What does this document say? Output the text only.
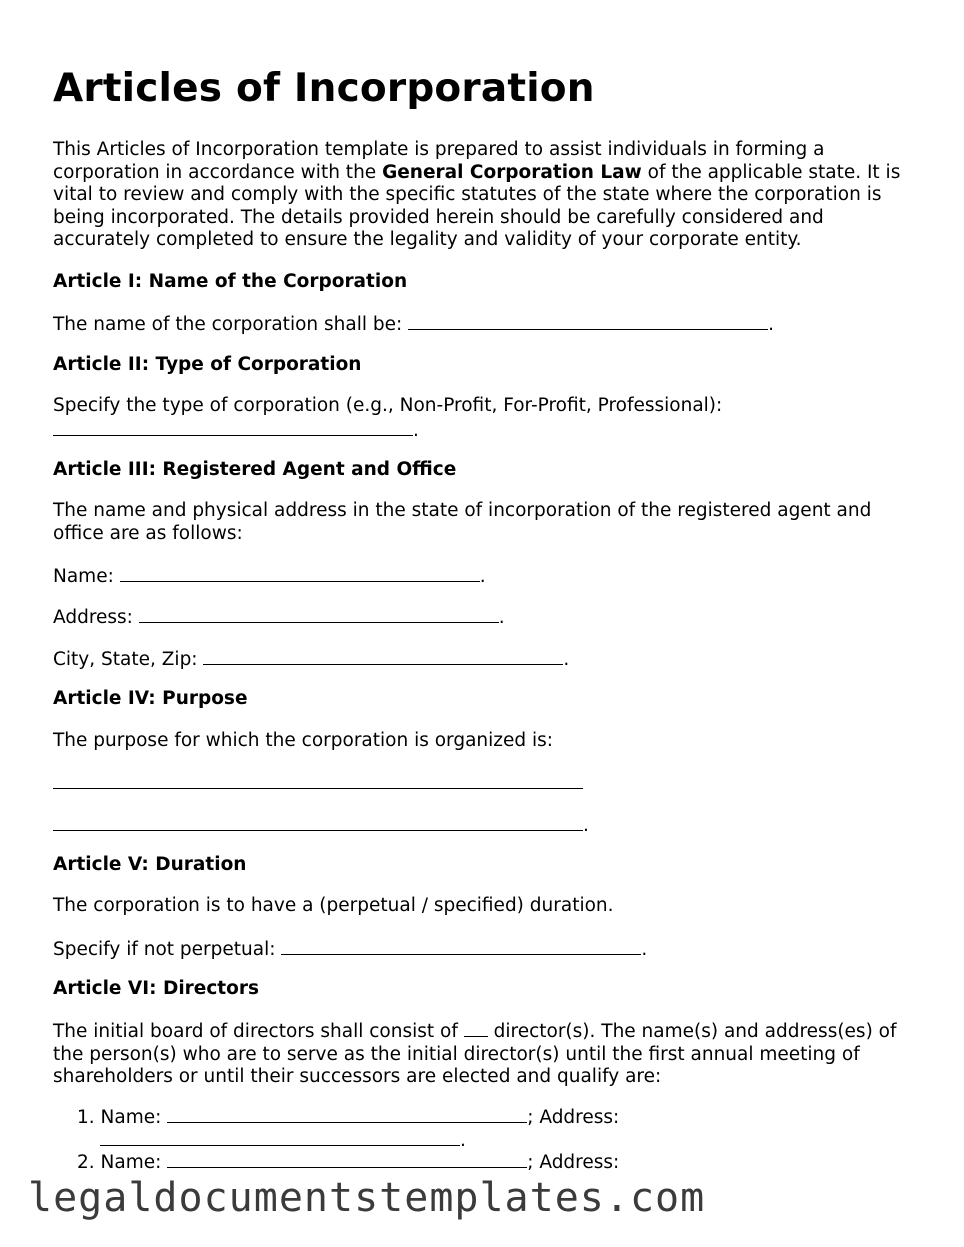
Articles of Incorporation

This Articles of Incorporation template is prepared to assist individuals in forming a corporation in accordance with the General Corporation Law of the applicable state. It is vital to review and comply with the specific statutes of the state where the corporation is being incorporated. The details provided herein should be carefully considered and accurately completed to ensure the legality and validity of your corporate entity.

Article I: Name of the Corporation
The name of the corporation shall be:	.
Article II: Type of Corporation
Specify the type of corporation (e.g., Non-Profit, For-Profit, Professional):
.
Article III: Registered Agent and Office

The name and physical address in the state of incorporation of the registered agent and office are as follows:

Name:	.
Address:	.
City, State, Zip:	.
Article IV: Purpose
The purpose for which the corporation is organized is:
.
Article V: Duration
The corporation is to have a (perpetual / specified) duration.
Specify if not perpetual:	.
Article VI: Directors

The initial board of directors shall consist of  director(s). The name(s) and address(es) of the person(s) who are to serve as the initial director(s) until the first annual meeting of shareholders or until their successors are elected and qualify are:

1. Name:	; Address:
.
2. Name:	; Address:
legaldocumentstemplates.com
